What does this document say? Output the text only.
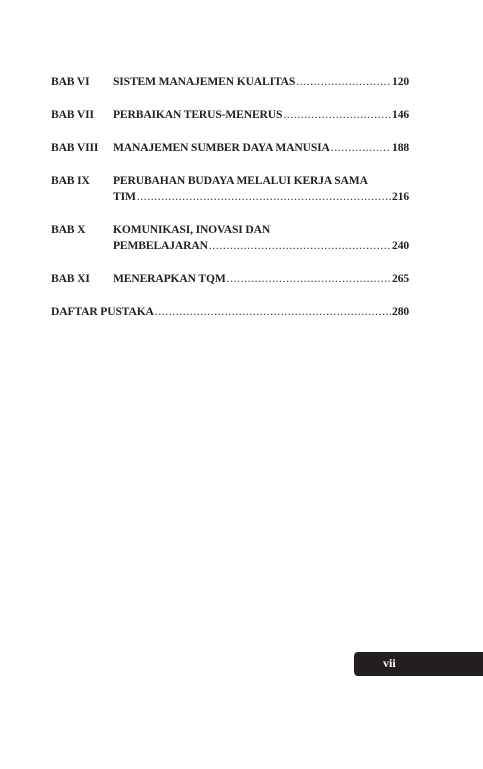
BAB VI SISTEM MANAJEMEN KUALITAS .....	120
BAB VII PERBAIKAN TERUS-MENERUS .....	146
BAB VIII MANAJEMEN SUMBER DAYA MANUSIA .....	188
BAB IX PERUBAHAN BUDAYA MELALUI KERJA SAMA
TIM .....	216
BAB X KOMUNIKASI, INOVASI DAN
PEMBELAJARAN .....	240
BAB XI MENERAPKAN TQM .....	265
DAFTAR PUSTAKA .....	280
vii
